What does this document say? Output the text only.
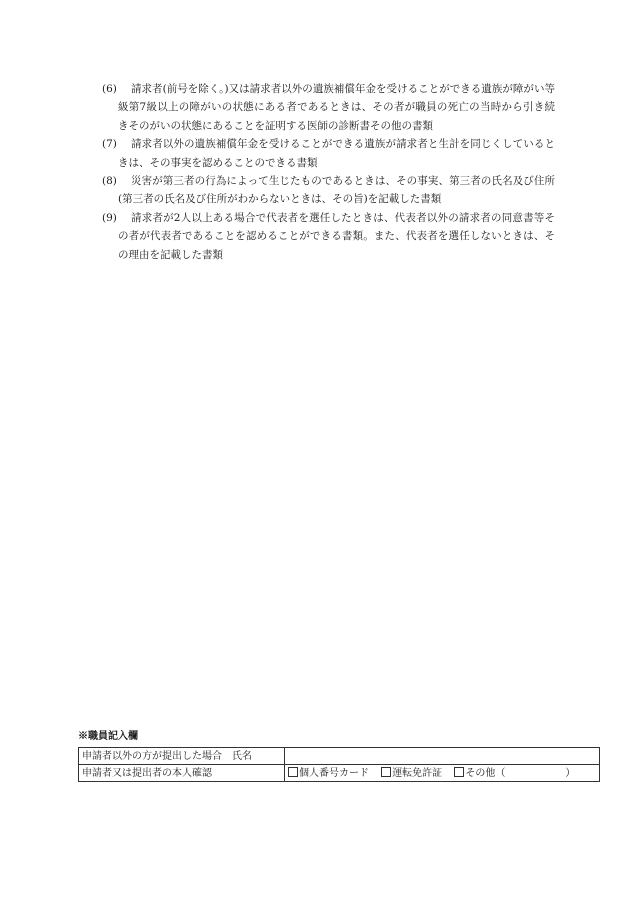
(6)	請求者(前号を除く。)又は請求者以外の遺族補償年金を受けることができる遺族が障がい等級第7級以上の障がいの状態にある者であるときは、その者が職員の死亡の当時から引き続きそのがいの状態にあることを証明する医師の診断書その他の書類
(7)	請求者以外の遺族補償年金を受けることができる遺族が請求者と生計を同じくしているときは、その事実を認めることのできる書類
(8)	災害が第三者の行為によって生じたものであるときは、その事実、第三者の氏名及び住所(第三者の氏名及び住所がわからないときは、その旨)を記載した書類
(9)	請求者が2人以上ある場合で代表者を選任したときは、代表者以外の請求者の同意書等その者が代表者であることを認めることができる書類。また、代表者を選任しないときは、その理由を記載した書類
※職員記入欄
申請者以外の方が提出した場合　氏名	
申請者又は提出者の本人確認	個人番号カード 運転免許証 その他（ ）
